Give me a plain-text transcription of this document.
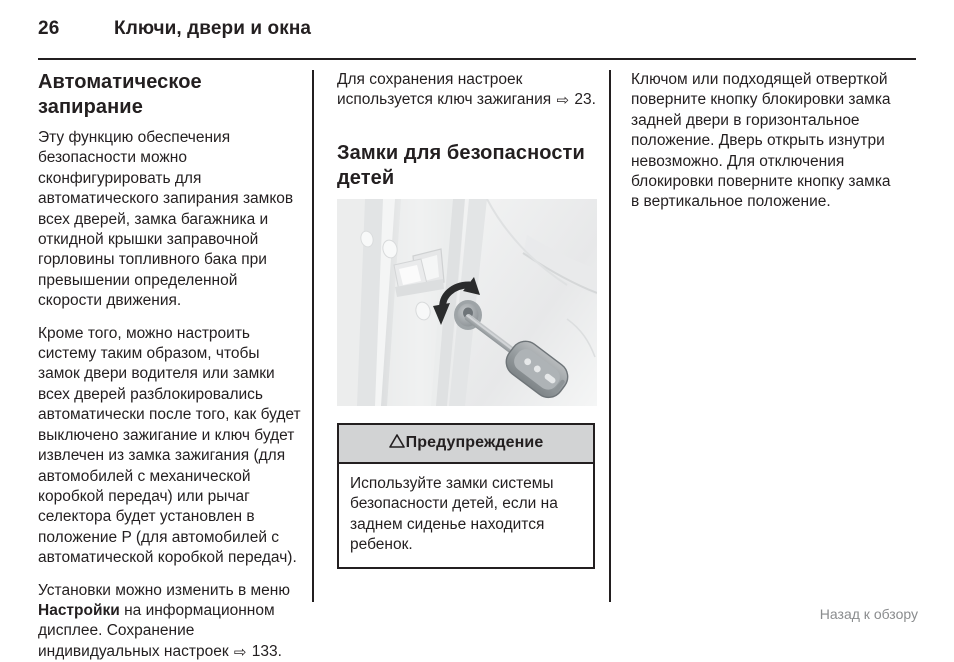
26	Ключи, двери и окна
Автоматическое запирание

Эту функцию обеспечения безопасности можно сконфигурировать для автоматического запирания замков всех дверей, замка багажника и откидной крышки заправочной горловины топливного бака при превышении определенной скорости движения.

Кроме того, можно настроить систему таким образом, чтобы замок двери водителя или замки всех дверей разблокировались автоматически после того, как будет выключено зажигание и ключ будет извлечен из замка зажигания (для автомобилей с механической коробкой передач) или рычаг селектора будет установлен в положение P (для автомобилей с автоматической коробкой передач).

Установки можно изменить в меню Настройки на информационном дисплее. Сохранение индивидуальных настроек ⇨ 133.

Для сохранения настроек используется ключ зажигания ⇨ 23.

Замки для безопасности детей
Предупреждение
Используйте замки системы безопасности детей, если на заднем сиденье находится ребенок.

Ключом или подходящей отверткой поверните кнопку блокировки замка задней двери в горизонтальное положение. Дверь открыть изнутри невозможно. Для отключения блокировки поверните кнопку замка в вертикальное положение.

Назад к обзору
